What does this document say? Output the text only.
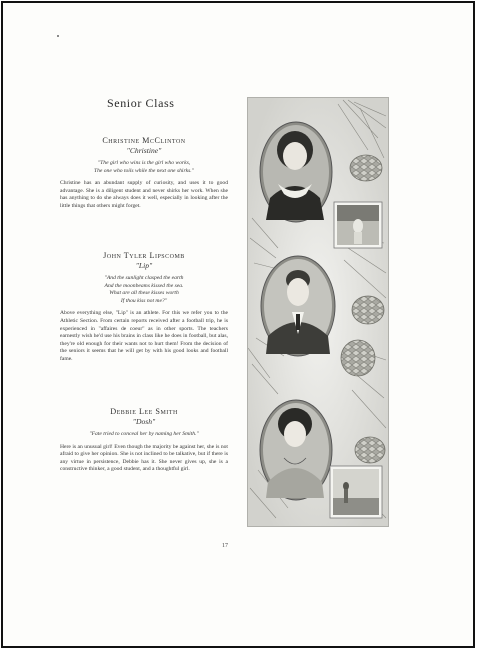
Senior Class
Christine McClinton
"Christine"
"The girl who wins is the girl who works,
The one who toils while the next one shirks."
Christine has an abundant supply of curiosity, and uses it to good advantage. She is a diligent student and never shirks her work. When she has anything to do she always does it well, especially in looking after the little things that others might forget.
John Tyler Lipscomb
"Lip"
"And the sunlight clasped the earth
And the moonbeams kissed the sea.
What are all these kisses worth
If thou kiss not me?"
Above everything else, "Lip" is an athlete. For this we refer you to the Athletic Section. From certain reports received after a football trip, he is experienced in "affaires de coeur" as in other sports. The teachers earnestly wish he'd use his brains in class like he does in football, but alas, they're old enough for their wants not to hurt them! From the decision of the seniors it seems that he will get by with his good looks and football fame.
Debbie Lee Smith
"Dosh"
"Fate tried to conceal her by naming her Smith."
Here is an unusual girl! Even though the majority be against her, she is not afraid to give her opinion. She is not inclined to be talkative, but if there is any virtue in persistence, Debbie has it. She never gives up, she is a constructive thinker, a good student, and a thoughtful girl.
17
